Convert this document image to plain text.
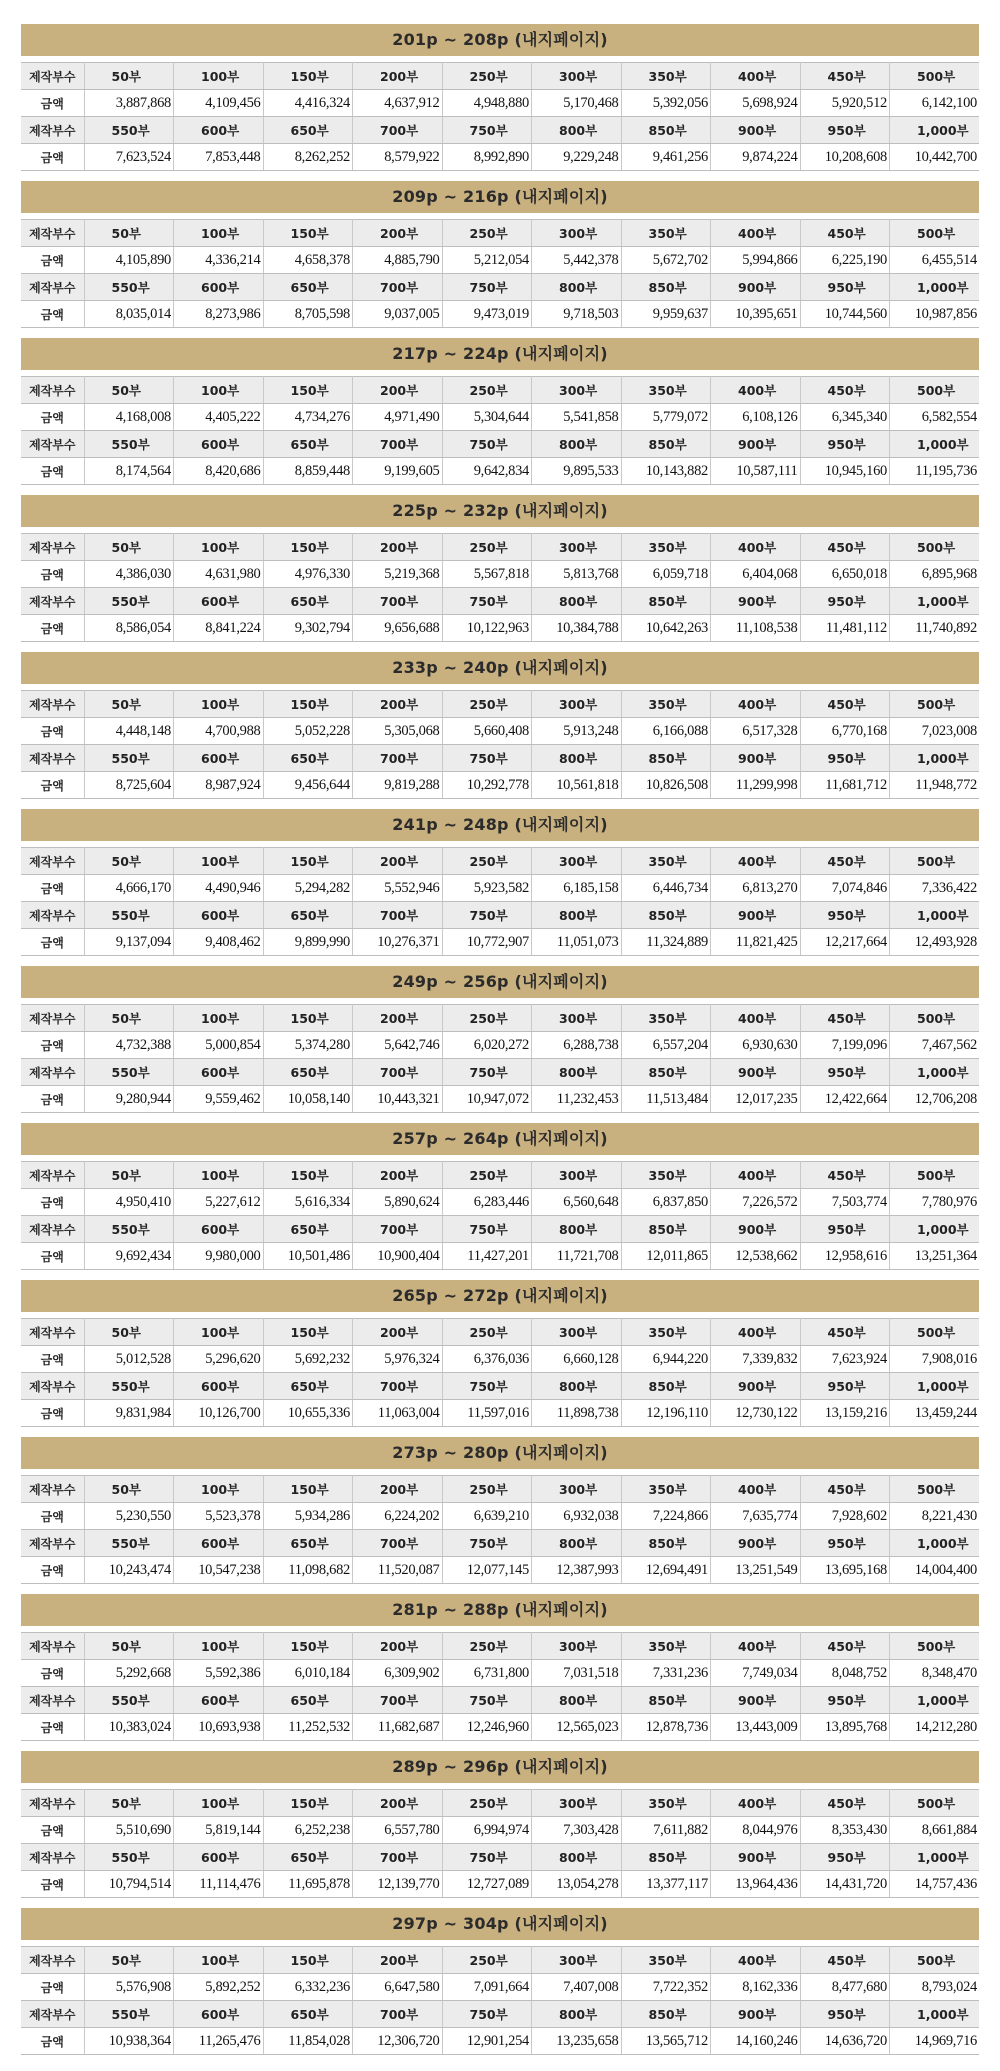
201p ~ 208p (내지페이지)
제작부수	50부	100부	150부	200부	250부	300부	350부	400부	450부	500부
금액	3,887,868	4,109,456	4,416,324	4,637,912	4,948,880	5,170,468	5,392,056	5,698,924	5,920,512	6,142,100
제작부수	550부	600부	650부	700부	750부	800부	850부	900부	950부	1,000부
금액	7,623,524	7,853,448	8,262,252	8,579,922	8,992,890	9,229,248	9,461,256	9,874,224	10,208,608	10,442,700
209p ~ 216p (내지페이지)
제작부수	50부	100부	150부	200부	250부	300부	350부	400부	450부	500부
금액	4,105,890	4,336,214	4,658,378	4,885,790	5,212,054	5,442,378	5,672,702	5,994,866	6,225,190	6,455,514
제작부수	550부	600부	650부	700부	750부	800부	850부	900부	950부	1,000부
금액	8,035,014	8,273,986	8,705,598	9,037,005	9,473,019	9,718,503	9,959,637	10,395,651	10,744,560	10,987,856
217p ~ 224p (내지페이지)
제작부수	50부	100부	150부	200부	250부	300부	350부	400부	450부	500부
금액	4,168,008	4,405,222	4,734,276	4,971,490	5,304,644	5,541,858	5,779,072	6,108,126	6,345,340	6,582,554
제작부수	550부	600부	650부	700부	750부	800부	850부	900부	950부	1,000부
금액	8,174,564	8,420,686	8,859,448	9,199,605	9,642,834	9,895,533	10,143,882	10,587,111	10,945,160	11,195,736
225p ~ 232p (내지페이지)
제작부수	50부	100부	150부	200부	250부	300부	350부	400부	450부	500부
금액	4,386,030	4,631,980	4,976,330	5,219,368	5,567,818	5,813,768	6,059,718	6,404,068	6,650,018	6,895,968
제작부수	550부	600부	650부	700부	750부	800부	850부	900부	950부	1,000부
금액	8,586,054	8,841,224	9,302,794	9,656,688	10,122,963	10,384,788	10,642,263	11,108,538	11,481,112	11,740,892
233p ~ 240p (내지페이지)
제작부수	50부	100부	150부	200부	250부	300부	350부	400부	450부	500부
금액	4,448,148	4,700,988	5,052,228	5,305,068	5,660,408	5,913,248	6,166,088	6,517,328	6,770,168	7,023,008
제작부수	550부	600부	650부	700부	750부	800부	850부	900부	950부	1,000부
금액	8,725,604	8,987,924	9,456,644	9,819,288	10,292,778	10,561,818	10,826,508	11,299,998	11,681,712	11,948,772
241p ~ 248p (내지페이지)
제작부수	50부	100부	150부	200부	250부	300부	350부	400부	450부	500부
금액	4,666,170	4,490,946	5,294,282	5,552,946	5,923,582	6,185,158	6,446,734	6,813,270	7,074,846	7,336,422
제작부수	550부	600부	650부	700부	750부	800부	850부	900부	950부	1,000부
금액	9,137,094	9,408,462	9,899,990	10,276,371	10,772,907	11,051,073	11,324,889	11,821,425	12,217,664	12,493,928
249p ~ 256p (내지페이지)
제작부수	50부	100부	150부	200부	250부	300부	350부	400부	450부	500부
금액	4,732,388	5,000,854	5,374,280	5,642,746	6,020,272	6,288,738	6,557,204	6,930,630	7,199,096	7,467,562
제작부수	550부	600부	650부	700부	750부	800부	850부	900부	950부	1,000부
금액	9,280,944	9,559,462	10,058,140	10,443,321	10,947,072	11,232,453	11,513,484	12,017,235	12,422,664	12,706,208
257p ~ 264p (내지페이지)
제작부수	50부	100부	150부	200부	250부	300부	350부	400부	450부	500부
금액	4,950,410	5,227,612	5,616,334	5,890,624	6,283,446	6,560,648	6,837,850	7,226,572	7,503,774	7,780,976
제작부수	550부	600부	650부	700부	750부	800부	850부	900부	950부	1,000부
금액	9,692,434	9,980,000	10,501,486	10,900,404	11,427,201	11,721,708	12,011,865	12,538,662	12,958,616	13,251,364
265p ~ 272p (내지페이지)
제작부수	50부	100부	150부	200부	250부	300부	350부	400부	450부	500부
금액	5,012,528	5,296,620	5,692,232	5,976,324	6,376,036	6,660,128	6,944,220	7,339,832	7,623,924	7,908,016
제작부수	550부	600부	650부	700부	750부	800부	850부	900부	950부	1,000부
금액	9,831,984	10,126,700	10,655,336	11,063,004	11,597,016	11,898,738	12,196,110	12,730,122	13,159,216	13,459,244
273p ~ 280p (내지페이지)
제작부수	50부	100부	150부	200부	250부	300부	350부	400부	450부	500부
금액	5,230,550	5,523,378	5,934,286	6,224,202	6,639,210	6,932,038	7,224,866	7,635,774	7,928,602	8,221,430
제작부수	550부	600부	650부	700부	750부	800부	850부	900부	950부	1,000부
금액	10,243,474	10,547,238	11,098,682	11,520,087	12,077,145	12,387,993	12,694,491	13,251,549	13,695,168	14,004,400
281p ~ 288p (내지페이지)
제작부수	50부	100부	150부	200부	250부	300부	350부	400부	450부	500부
금액	5,292,668	5,592,386	6,010,184	6,309,902	6,731,800	7,031,518	7,331,236	7,749,034	8,048,752	8,348,470
제작부수	550부	600부	650부	700부	750부	800부	850부	900부	950부	1,000부
금액	10,383,024	10,693,938	11,252,532	11,682,687	12,246,960	12,565,023	12,878,736	13,443,009	13,895,768	14,212,280
289p ~ 296p (내지페이지)
제작부수	50부	100부	150부	200부	250부	300부	350부	400부	450부	500부
금액	5,510,690	5,819,144	6,252,238	6,557,780	6,994,974	7,303,428	7,611,882	8,044,976	8,353,430	8,661,884
제작부수	550부	600부	650부	700부	750부	800부	850부	900부	950부	1,000부
금액	10,794,514	11,114,476	11,695,878	12,139,770	12,727,089	13,054,278	13,377,117	13,964,436	14,431,720	14,757,436
297p ~ 304p (내지페이지)
제작부수	50부	100부	150부	200부	250부	300부	350부	400부	450부	500부
금액	5,576,908	5,892,252	6,332,236	6,647,580	7,091,664	7,407,008	7,722,352	8,162,336	8,477,680	8,793,024
제작부수	550부	600부	650부	700부	750부	800부	850부	900부	950부	1,000부
금액	10,938,364	11,265,476	11,854,028	12,306,720	12,901,254	13,235,658	13,565,712	14,160,246	14,636,720	14,969,716
